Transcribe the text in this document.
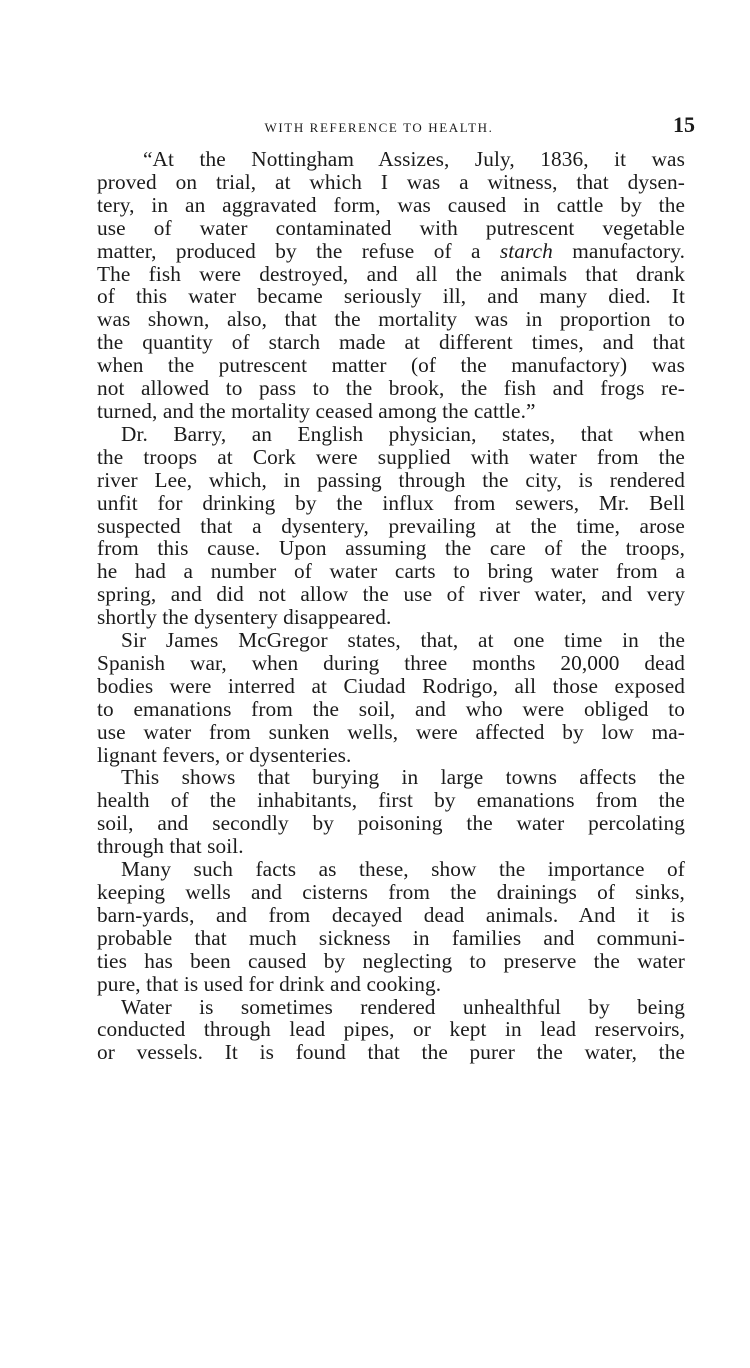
WITH REFERENCE TO HEALTH.	15

“At the Nottingham Assizes, July, 1836, it was
proved on trial, at which I was a witness, that dysen-
tery, in an aggravated form, was caused in cattle by the
use of water contaminated with putrescent vegetable
matter, produced by the refuse of a starch manufactory.
The fish were destroyed, and all the animals that drank
of this water became seriously ill, and many died. It
was shown, also, that the mortality was in proportion to
the quantity of starch made at different times, and that
when the putrescent matter (of the manufactory) was
not allowed to pass to the brook, the fish and frogs re-
turned, and the mortality ceased among the cattle.”

Dr. Barry, an English physician, states, that when
the troops at Cork were supplied with water from the
river Lee, which, in passing through the city, is rendered
unfit for drinking by the influx from sewers, Mr. Bell
suspected that a dysentery, prevailing at the time, arose
from this cause. Upon assuming the care of the troops,
he had a number of water carts to bring water from a
spring, and did not allow the use of river water, and very
shortly the dysentery disappeared.

Sir James McGregor states, that, at one time in the
Spanish war, when during three months 20,000 dead
bodies were interred at Ciudad Rodrigo, all those exposed
to emanations from the soil, and who were obliged to
use water from sunken wells, were affected by low ma-
lignant fevers, or dysenteries.

This shows that burying in large towns affects the
health of the inhabitants, first by emanations from the
soil, and secondly by poisoning the water percolating
through that soil.

Many such facts as these, show the importance of
keeping wells and cisterns from the drainings of sinks,
barn-yards, and from decayed dead animals. And it is
probable that much sickness in families and communi-
ties has been caused by neglecting to preserve the water
pure, that is used for drink and cooking.

Water is sometimes rendered unhealthful by being
conducted through lead pipes, or kept in lead reservoirs,
or vessels. It is found that the purer the water, the
